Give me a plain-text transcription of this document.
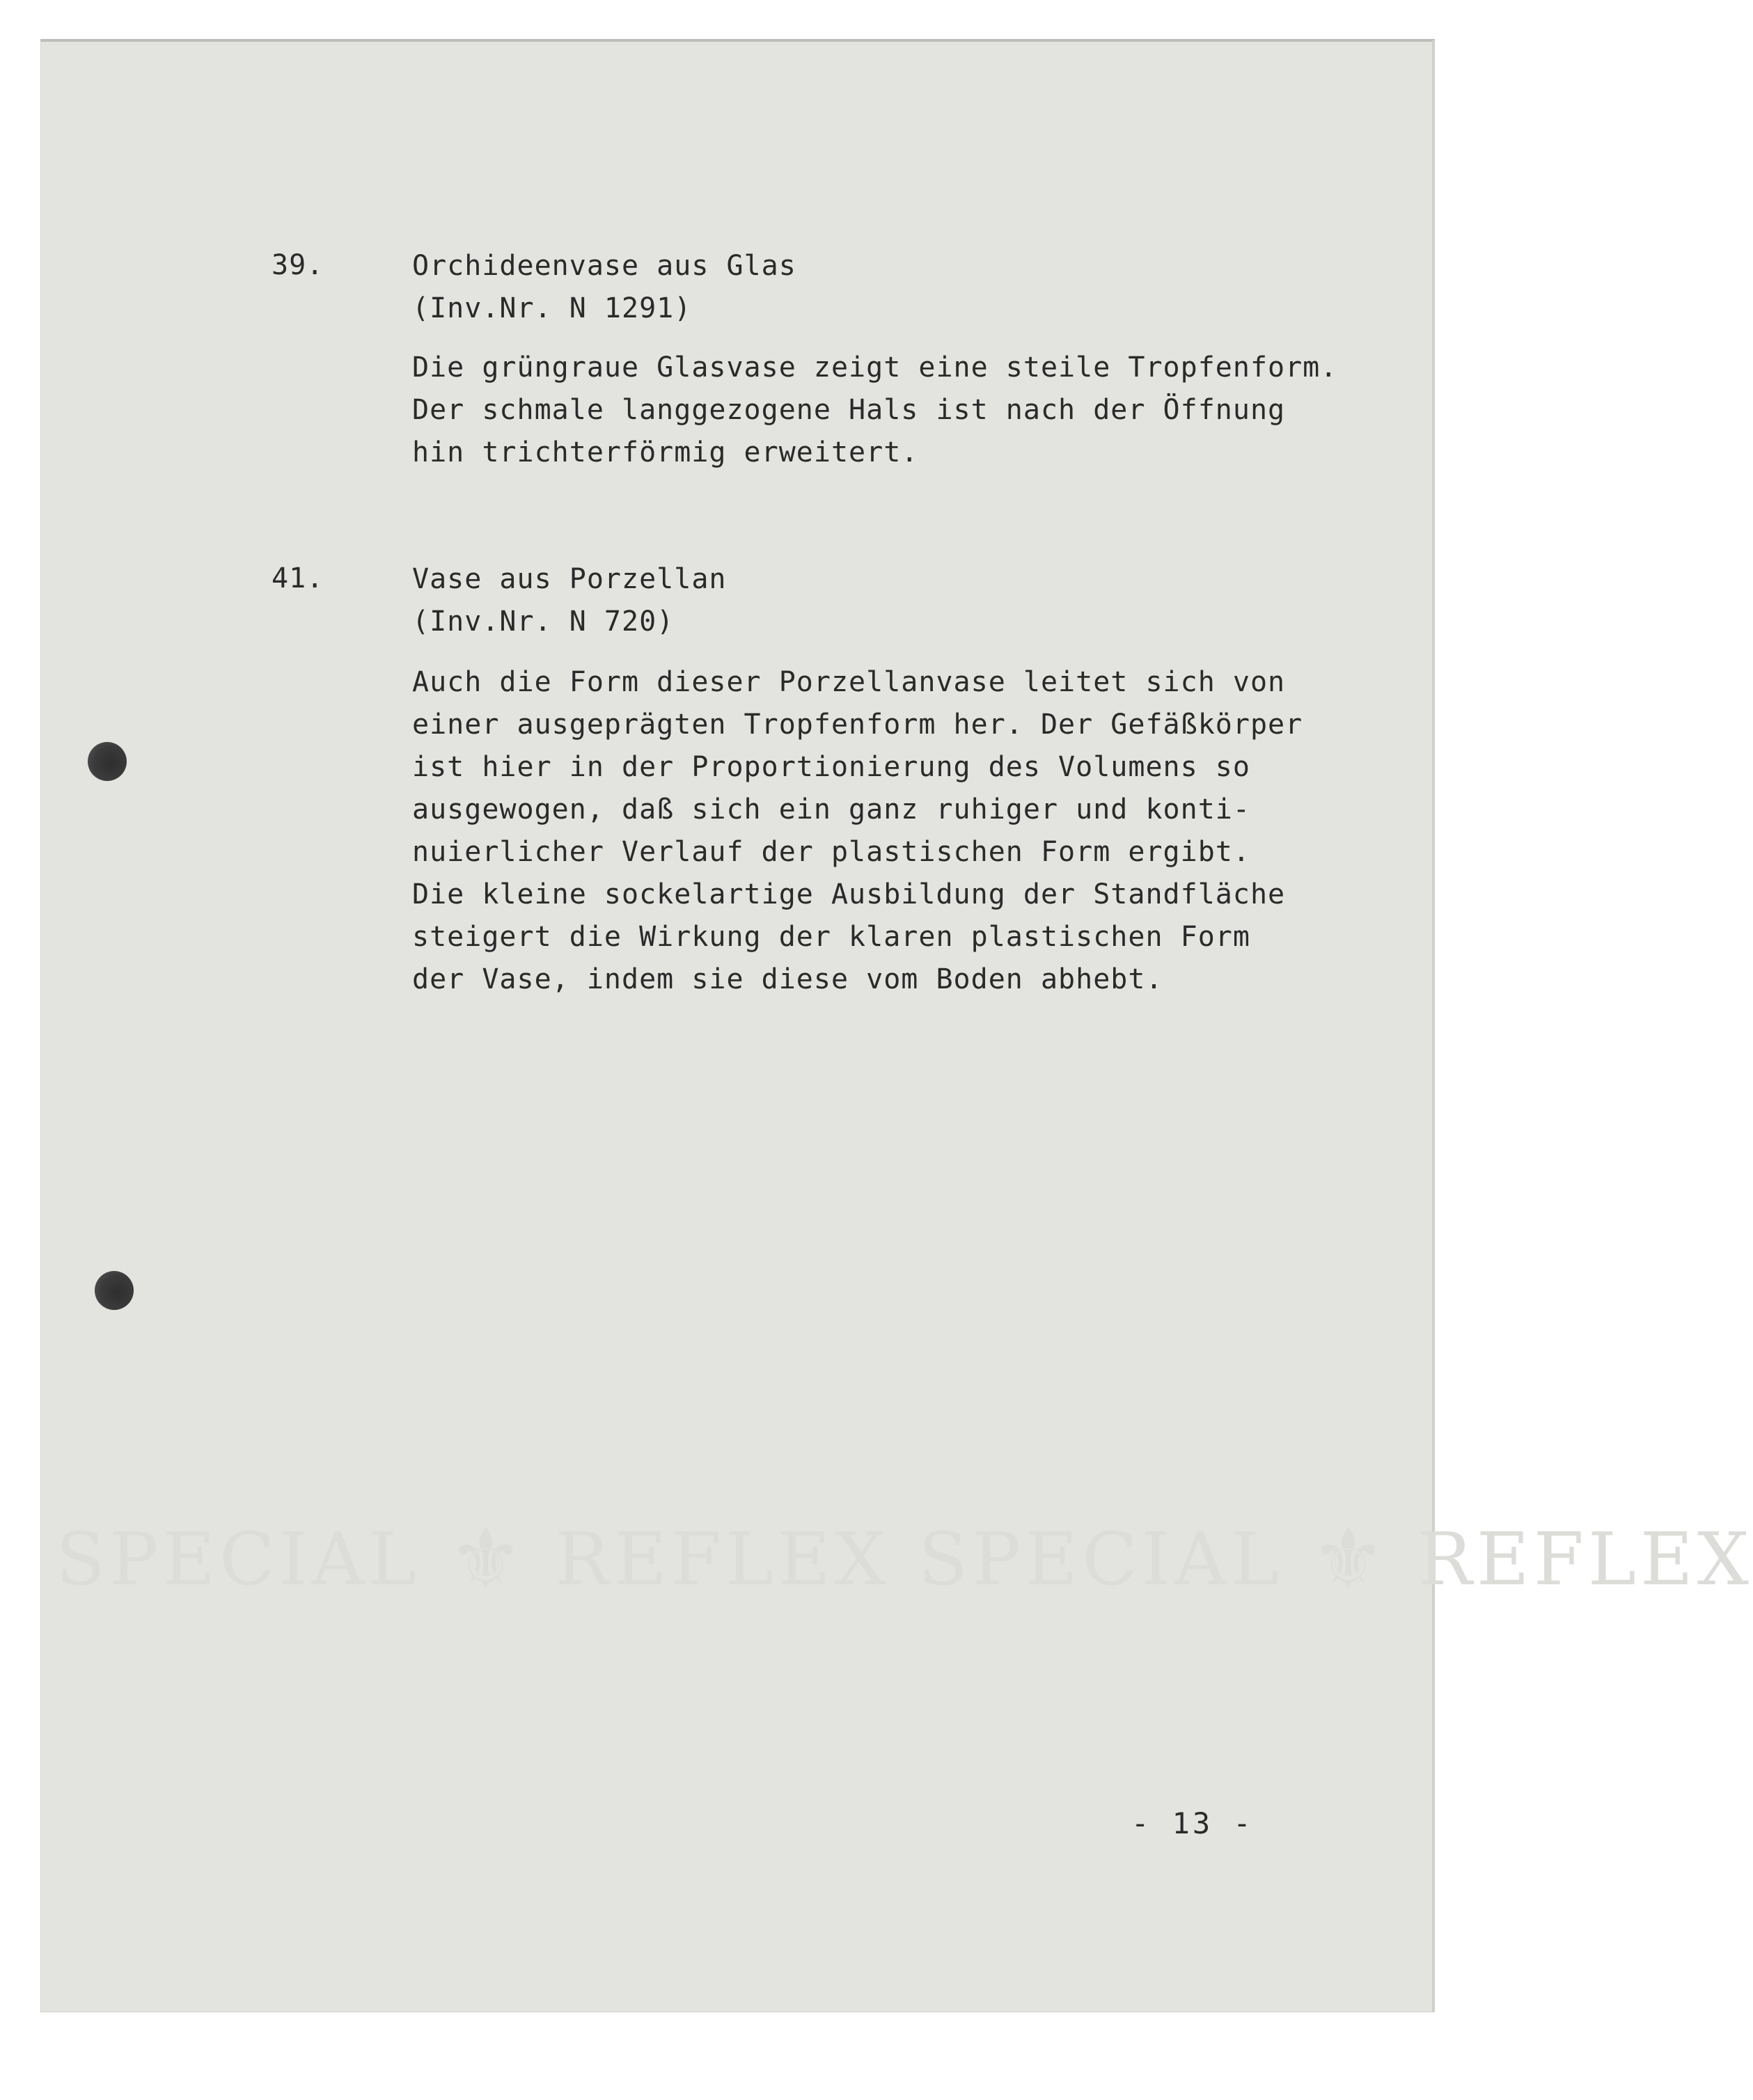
39.	Orchideenvase aus Glas
(Inv.Nr. N 1291)
Die grüngraue Glasvase zeigt eine steile Tropfenform.
Der schmale langgezogene Hals ist nach der Öffnung
hin trichterförmig erweitert.
41.	Vase aus Porzellan
(Inv.Nr. N 720)
Auch die Form dieser Porzellanvase leitet sich von
einer ausgeprägten Tropfenform her. Der Gefäßkörper
ist hier in der Proportionierung des Volumens so
ausgewogen, daß sich ein ganz ruhiger und konti-
nuierlicher Verlauf der plastischen Form ergibt.
Die kleine sockelartige Ausbildung der Standfläche
steigert die Wirkung der klaren plastischen Form
der Vase, indem sie diese vom Boden abhebt.
SPECIAL ⚜ REFLEX SPECIAL ⚜ REFLEX
- 13 -
